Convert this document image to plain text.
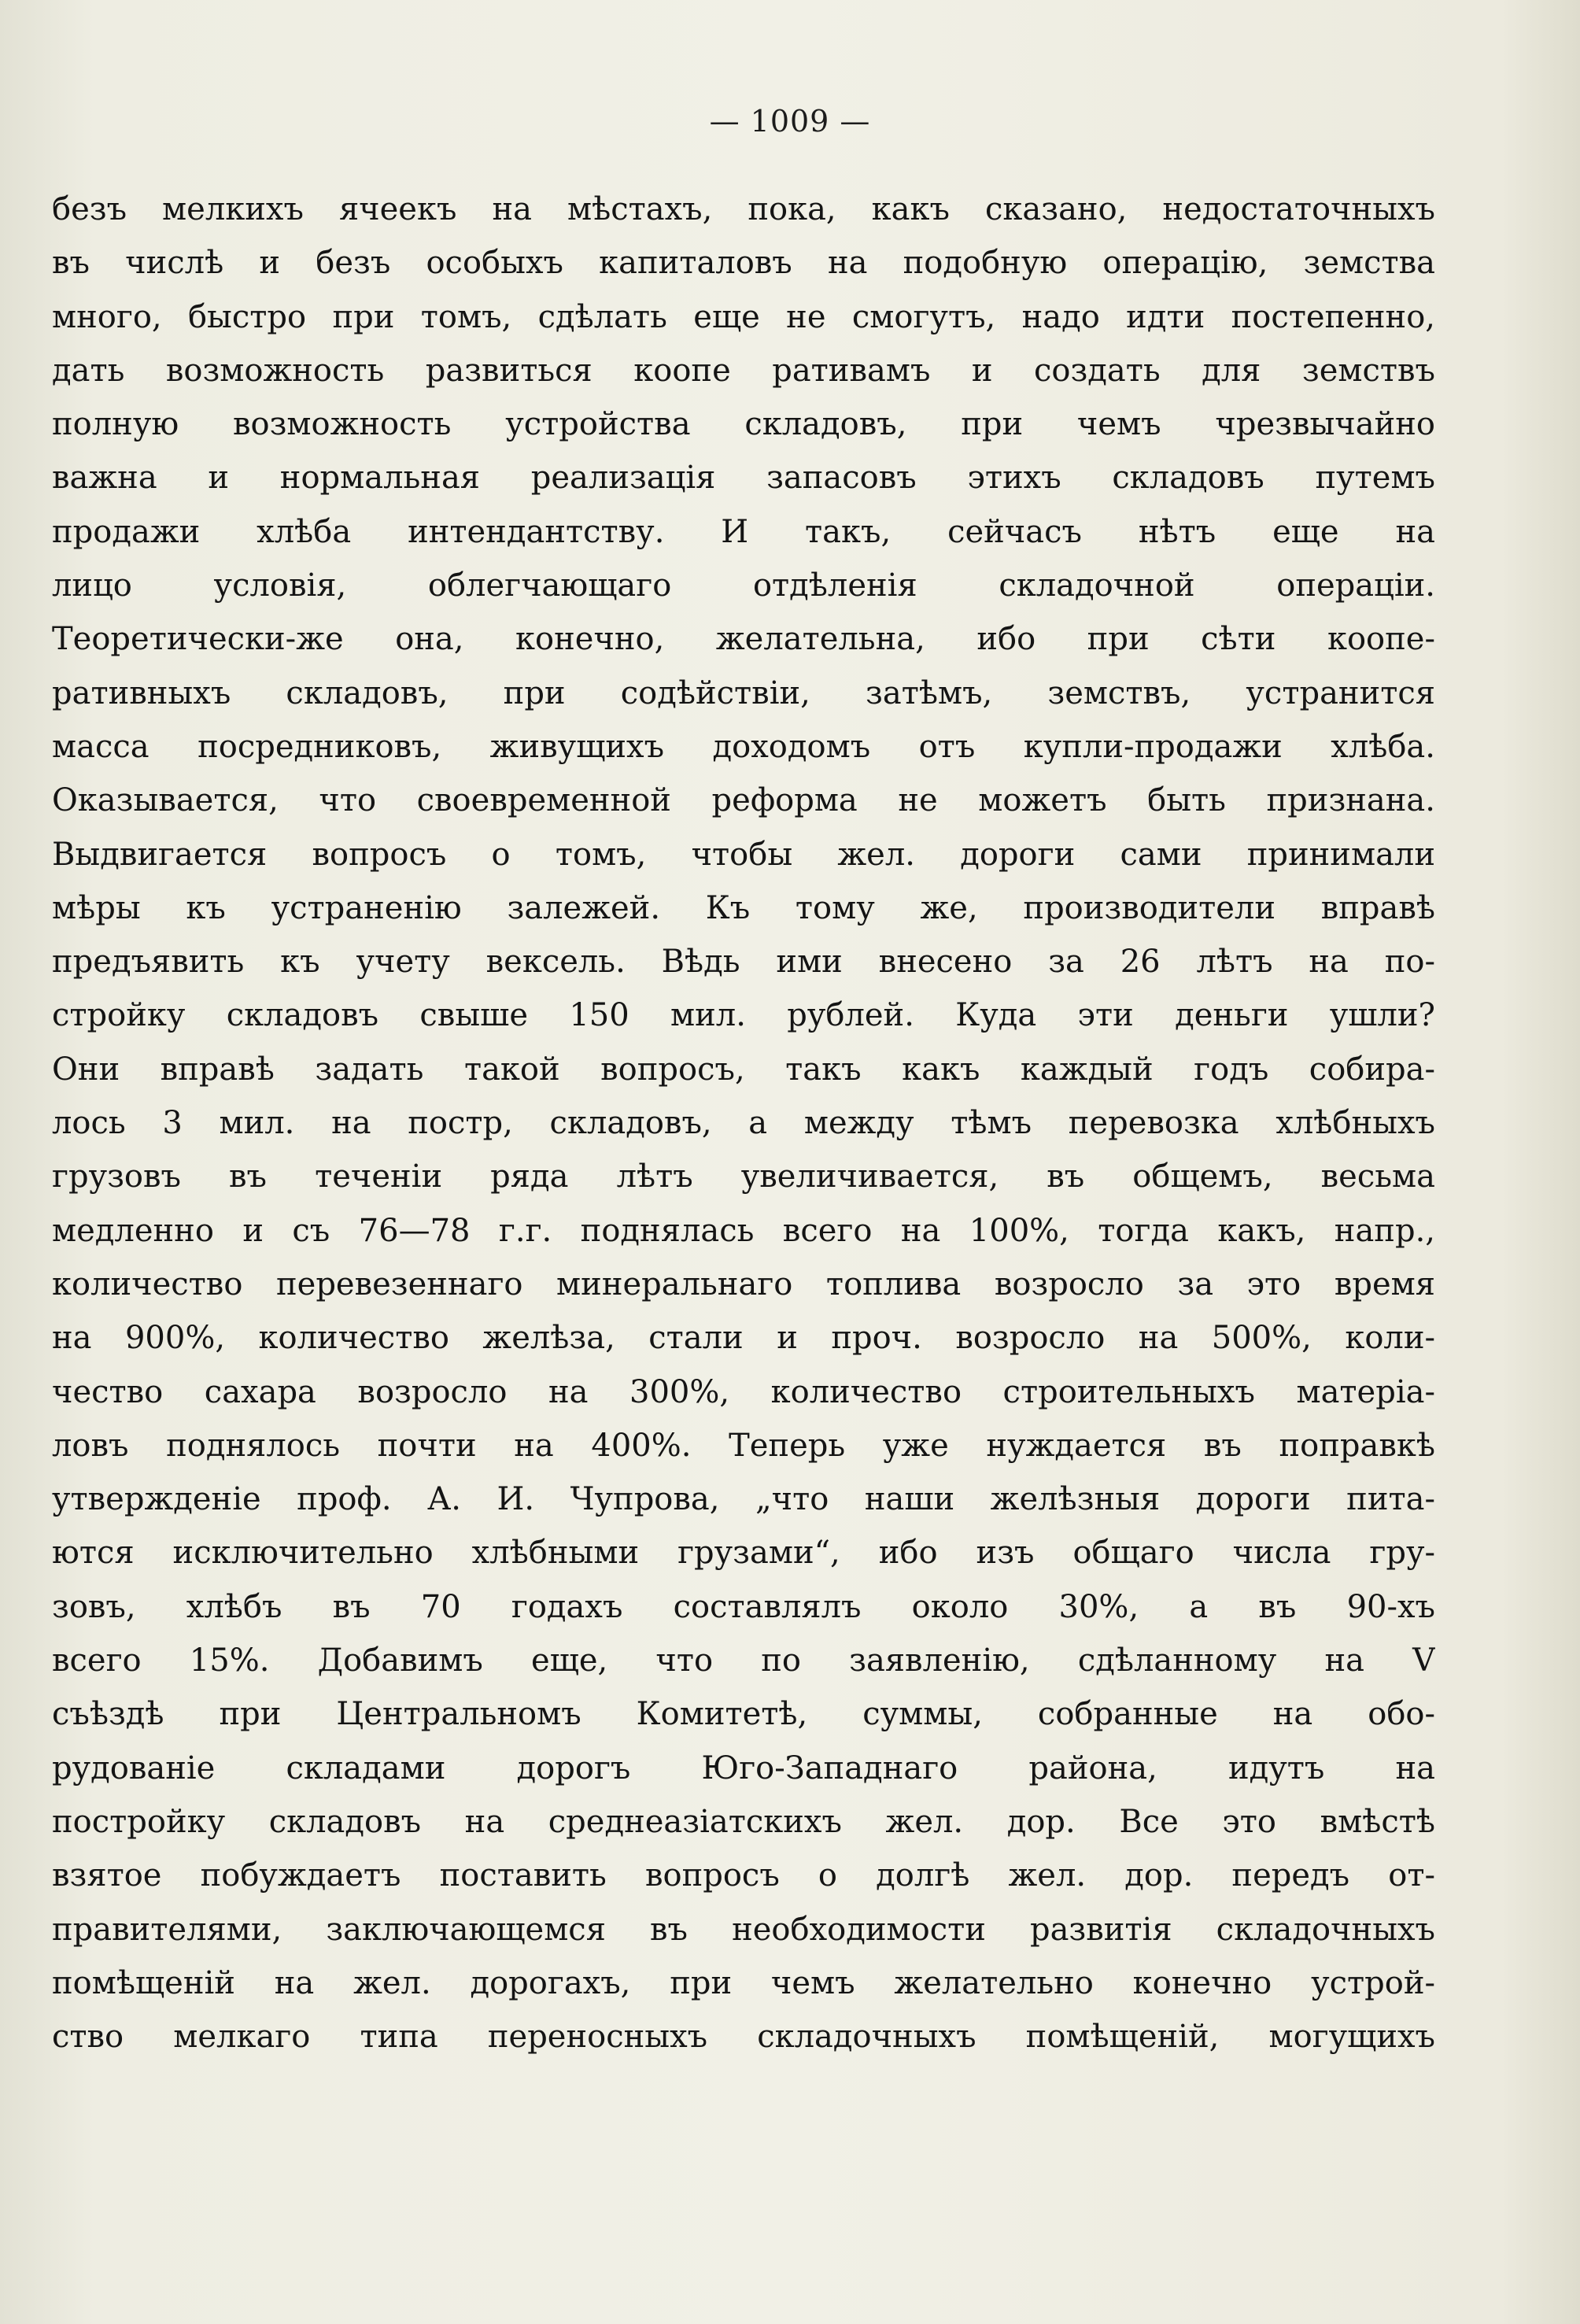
— 1009 —
безъ мелкихъ ячеекъ на мѣстахъ, пока, какъ сказано, недостаточныхъ
въ числѣ и безъ особыхъ капиталовъ на подобную операцію, земства
много, быстро при томъ, сдѣлать еще не смогутъ, надо идти постепенно,
дать возможность развиться коопе ративамъ и создать для земствъ
полную возможность устройства складовъ, при чемъ чрезвычайно
важна и нормальная реализація запасовъ этихъ складовъ путемъ
продажи хлѣба интендантству. И такъ, сейчасъ нѣтъ еще на
лицо условія, облегчающаго отдѣленія складочной операціи.
Теоретически-же она, конечно, желательна, ибо при сѣти коопе-
ративныхъ складовъ, при содѣйствіи, затѣмъ, земствъ, устранится
масса посредниковъ, живущихъ доходомъ отъ купли-продажи хлѣба.
Оказывается, что своевременной реформа не можетъ быть признана.
Выдвигается вопросъ о томъ, чтобы жел. дороги сами принимали
мѣры къ устраненію залежей. Къ тому же, производители вправѣ
предъявить къ учету вексель. Вѣдь ими внесено за 26 лѣтъ на по-
стройку складовъ свыше 150 мил. рублей. Куда эти деньги ушли?
Они вправѣ задать такой вопросъ, такъ какъ каждый годъ собира-
лось 3 мил. на постр, складовъ, а между тѣмъ перевозка хлѣбныхъ
грузовъ въ теченіи ряда лѣтъ увеличивается, въ общемъ, весьма
медленно и съ 76—78 г.г. поднялась всего на 100%, тогда какъ, напр.,
количество перевезеннаго минеральнаго топлива возросло за это время
на 900%, количество желѣза, стали и проч. возросло на 500%, коли-
чество сахара возросло на 300%, количество строительныхъ матеріа-
ловъ поднялось почти на 400%. Теперь уже нуждается въ поправкѣ
утвержденіе проф. А. И. Чупрова, „что наши желѣзныя дороги пита-
ются исключительно хлѣбными грузами“, ибо изъ общаго числа гру-
зовъ, хлѣбъ въ 70 годахъ составлялъ около 30%, а въ 90-хъ
всего 15%. Добавимъ еще, что по заявленію, сдѣланному на V
съѣздѣ при Центральномъ Комитетѣ, суммы, собранные на обо-
рудованіе складами дорогъ Юго-Западнаго района, идутъ на
постройку складовъ на среднеазіатскихъ жел. дор. Все это вмѣстѣ
взятое побуждаетъ поставить вопросъ о долгѣ жел. дор. передъ от-
правителями, заключающемся въ необходимости развитія складочныхъ
помѣщеній на жел. дорогахъ, при чемъ желательно конечно устрой-
ство мелкаго типа переносныхъ складочныхъ помѣщеній, могущихъ
